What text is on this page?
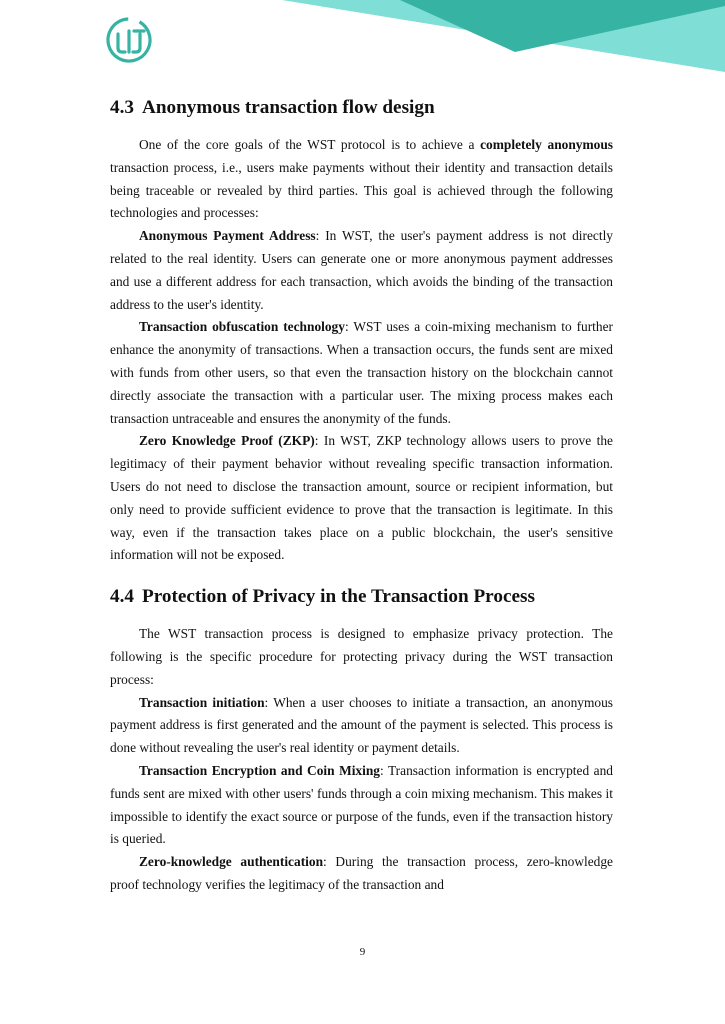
4.3 Anonymous transaction flow design

One of the core goals of the WST protocol is to achieve a completely anonymous transaction process, i.e., users make payments without their identity and transaction details being traceable or revealed by third parties. This goal is achieved through the following technologies and processes:

Anonymous Payment Address: In WST, the user's payment address is not directly related to the real identity. Users can generate one or more anonymous payment addresses and use a different address for each transaction, which avoids the binding of the transaction address to the user's identity.

Transaction obfuscation technology: WST uses a coin-mixing mechanism to further enhance the anonymity of transactions. When a transaction occurs, the funds sent are mixed with funds from other users, so that even the transaction history on the blockchain cannot directly associate the transaction with a particular user. The mixing process makes each transaction untraceable and ensures the anonymity of the funds.

Zero Knowledge Proof (ZKP): In WST, ZKP technology allows users to prove the legitimacy of their payment behavior without revealing specific transaction information. Users do not need to disclose the transaction amount, source or recipient information, but only need to provide sufficient evidence to prove that the transaction is legitimate. In this way, even if the transaction takes place on a public blockchain, the user's sensitive information will not be exposed.

4.4 Protection of Privacy in the Transaction Process

The WST transaction process is designed to emphasize privacy protection. The following is the specific procedure for protecting privacy during the WST transaction process:

Transaction initiation: When a user chooses to initiate a transaction, an anonymous payment address is first generated and the amount of the payment is selected. This process is done without revealing the user's real identity or payment details.

Transaction Encryption and Coin Mixing: Transaction information is encrypted and funds sent are mixed with other users' funds through a coin mixing mechanism. This makes it impossible to identify the exact source or purpose of the funds, even if the transaction history is queried.

Zero-knowledge authentication: During the transaction process, zero-knowledge proof technology verifies the legitimacy of the transaction and

9
